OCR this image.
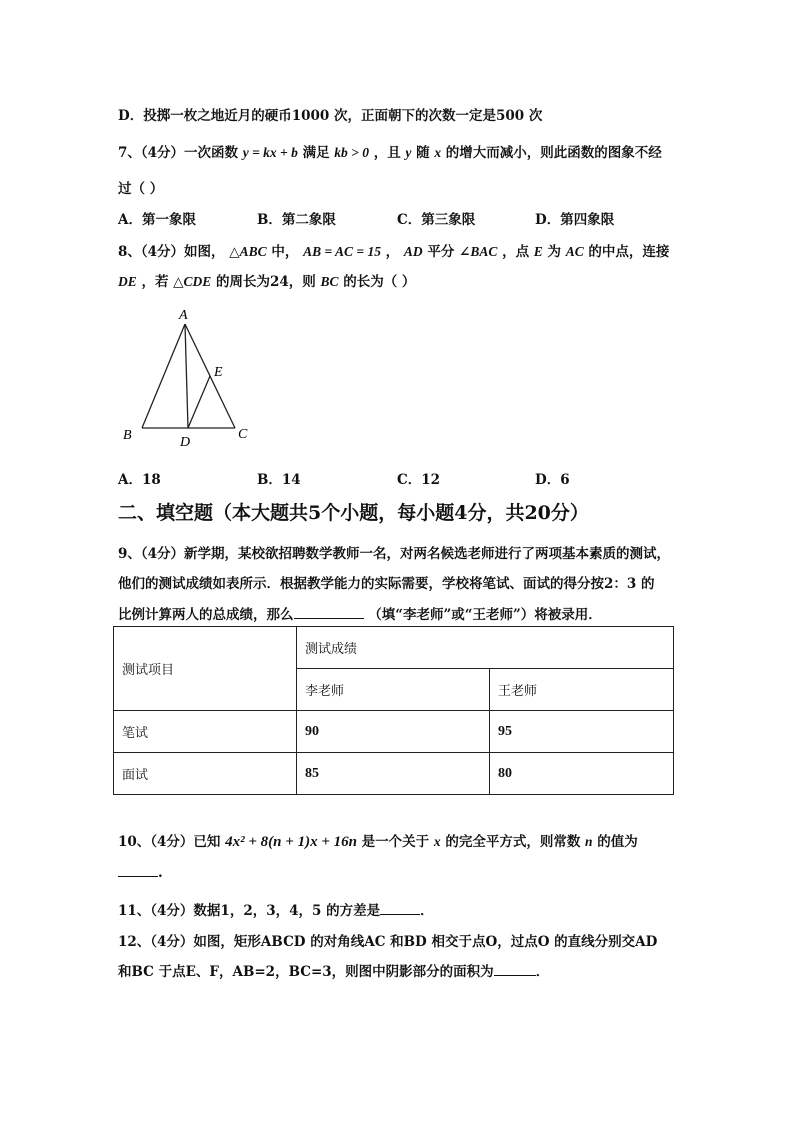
D．投掷一枚之地近月的硬币1000 次，正面朝下的次数一定是500 次
7、（4分）一次函数 y = kx + b 满足 kb > 0 ，且 y 随 x 的增大而减小，则此函数的图象不经
过（ ）
A．第一象限	B．第二象限	C．第三象限	D．第四象限
8、（4分）如图， △ABC 中， AB = AC = 15 ， AD 平分 ∠BAC ，点 E 为 AC 的中点，连接
DE ，若 △CDE 的周长为24，则 BC 的长为（ ）
A
B	C
D
E
A．18	B．14	C．12	D．6
二、填空题（本大题共5个小题，每小题4分，共20分）
9、（4分）新学期，某校欲招聘数学教师一名，对两名候选老师进行了两项基本素质的测试，
他们的测试成绩如表所示．根据教学能力的实际需要，学校将笔试、面试的得分按2：3 的
比例计算两人的总成绩，那么	（填“李老师”或“王老师”）将被录用．
测试项目	测试成绩	
	李老师	王老师
笔试	90	95
面试	85	80
10、（4分）已知 4x² + 8(n + 1)x + 16n 是一个关于 x 的完全平方式，则常数 n 的值为
.
11、（4分）数据1，2，3，4，5 的方差是	．
12、（4分）如图，矩形ABCD 的对角线AC 和BD 相交于点O，过点O 的直线分别交AD
和BC 于点E、F，AB=2，BC=3，则图中阴影部分的面积为	．
